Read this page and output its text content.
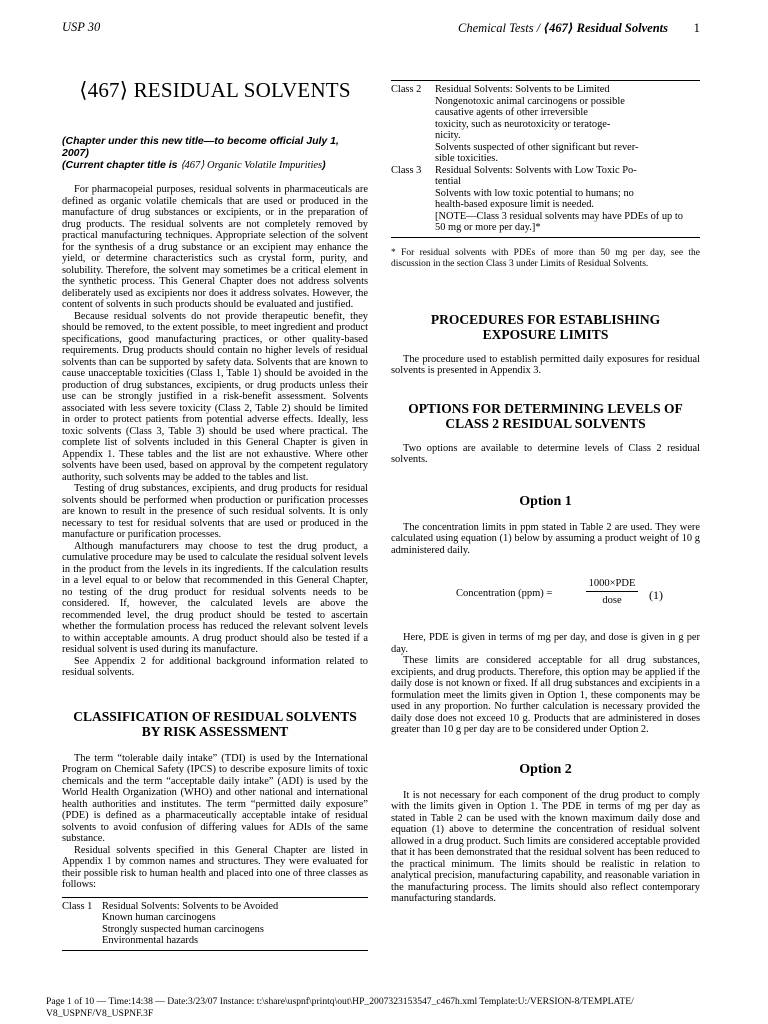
USP 30	Chemical Tests / ⟨467⟩ Residual Solvents 1
⟨467⟩ RESIDUAL SOLVENTS
(Chapter under this new title—to become official July 1, 2007)
(Current chapter title is ⟨467⟩ Organic Volatile Impurities)

For pharmacopeial purposes, residual solvents in pharmaceuticals are defined as organic volatile chemicals that are used or produced in the manufacture of drug substances or excipients, or in the preparation of drug products. The residual solvents are not completely removed by practical manufacturing techniques. Appropriate selection of the solvent for the synthesis of a drug substance or an excipient may enhance the yield, or determine characteristics such as crystal form, purity, and solubility. Therefore, the solvent may sometimes be a critical element in the synthetic process. This General Chapter does not address solvents deliberately used as excipients nor does it address solvates. However, the content of solvents in such products should be evaluated and justified.

Because residual solvents do not provide therapeutic benefit, they should be removed, to the extent possible, to meet ingredient and product specifications, good manufacturing practices, or other quality-based requirements. Drug products should contain no higher levels of residual solvents than can be supported by safety data. Solvents that are known to cause unacceptable toxicities (Class 1, Table 1) should be avoided in the production of drug substances, excipients, or drug products unless their use can be strongly justified in a risk-benefit assessment. Solvents associated with less severe toxicity (Class 2, Table 2) should be limited in order to protect patients from potential adverse effects. Ideally, less toxic solvents (Class 3, Table 3) should be used where practical. The complete list of solvents included in this General Chapter is given in Appendix 1. These tables and the list are not exhaustive. Where other solvents have been used, based on approval by the competent regulatory authority, such solvents may be added to the tables and list.

Testing of drug substances, excipients, and drug products for residual solvents should be performed when production or purification processes are known to result in the presence of such residual solvents. It is only necessary to test for residual solvents that are used or produced in the manufacture or purification processes.

Although manufacturers may choose to test the drug product, a cumulative procedure may be used to calculate the residual solvent levels in the product from the levels in its ingredients. If the calculation results in a level equal to or below that recommended in this General Chapter, no testing of the drug product for residual solvents needs to be considered. If, however, the calculated levels are above the recommended level, the drug product should be tested to ascertain whether the formulation process has reduced the relevant solvent levels to within acceptable amounts. A drug product should also be tested if a residual solvent is used during its manufacture.

See Appendix 2 for additional background information related to residual solvents.

CLASSIFICATION OF RESIDUAL SOLVENTS
BY RISK ASSESSMENT

The term “tolerable daily intake” (TDI) is used by the International Program on Chemical Safety (IPCS) to describe exposure limits of toxic chemicals and the term “acceptable daily intake” (ADI) is used by the World Health Organization (WHO) and other national and international health authorities and institutes. The term “permitted daily exposure” (PDE) is defined as a pharmaceutically acceptable intake of residual solvents to avoid confusion of differing values for ADIs of the same substance.

Residual solvents specified in this General Chapter are listed in Appendix 1 by common names and structures. They were evaluated for their possible risk to human health and placed into one of three classes as follows:

Class 1 Residual Solvents: Solvents to be Avoided
Known human carcinogens
Strongly suspected human carcinogens
Environmental hazards
Class 2	Residual Solvents: Solvents to be Limited
Nongenotoxic animal carcinogens or possible
causative agents of other irreversible
toxicity, such as neurotoxicity or teratoge-
nicity.
Solvents suspected of other significant but rever-
sible toxicities.
Class 3	Residual Solvents: Solvents with Low Toxic Po-
tential
Solvents with low toxic potential to humans; no
health-based exposure limit is needed.
[NOTE—Class 3 residual solvents may have PDEs of up to
50 mg or more per day.]*
* For residual solvents with PDEs of more than 50 mg per day, see the discussion in the section Class 3 under Limits of Residual Solvents.
PROCEDURES FOR ESTABLISHING
EXPOSURE LIMITS

The procedure used to establish permitted daily exposures for residual solvents is presented in Appendix 3.

OPTIONS FOR DETERMINING LEVELS OF
CLASS 2 RESIDUAL SOLVENTS

Two options are available to determine levels of Class 2 residual solvents.

Option 1

The concentration limits in ppm stated in Table 2 are used. They were calculated using equation (1) below by assuming a product weight of 10 g administered daily.

Concentration (ppm) =
1000×PDE
dose	(1)

Here, PDE is given in terms of mg per day, and dose is given in g per day.

These limits are considered acceptable for all drug substances, excipients, and drug products. Therefore, this option may be applied if the daily dose is not known or fixed. If all drug substances and excipients in a formulation meet the limits given in Option 1, these components may be used in any proportion. No further calculation is necessary provided the daily dose does not exceed 10 g. Products that are administered in doses greater than 10 g per day are to be considered under Option 2.

Option 2

It is not necessary for each component of the drug product to comply with the limits given in Option 1. The PDE in terms of mg per day as stated in Table 2 can be used with the known maximum daily dose and equation (1) above to determine the concentration of residual solvent allowed in a drug product. Such limits are considered acceptable provided that it has been demonstrated that the residual solvent has been reduced to the practical minimum. The limits should be realistic in relation to analytical precision, manufacturing capability, and reasonable variation in the manufacturing process. The limits should also reflect contemporary manufacturing standards.

Page 1 of 10 — Time:14:38 — Date:3/23/07 Instance: t:\share\uspnf\printq\out\HP_2007323153547_c467h.xml Template:U:/VERSION-8/TEMPLATE/
V8_USPNF/V8_USPNF.3F
